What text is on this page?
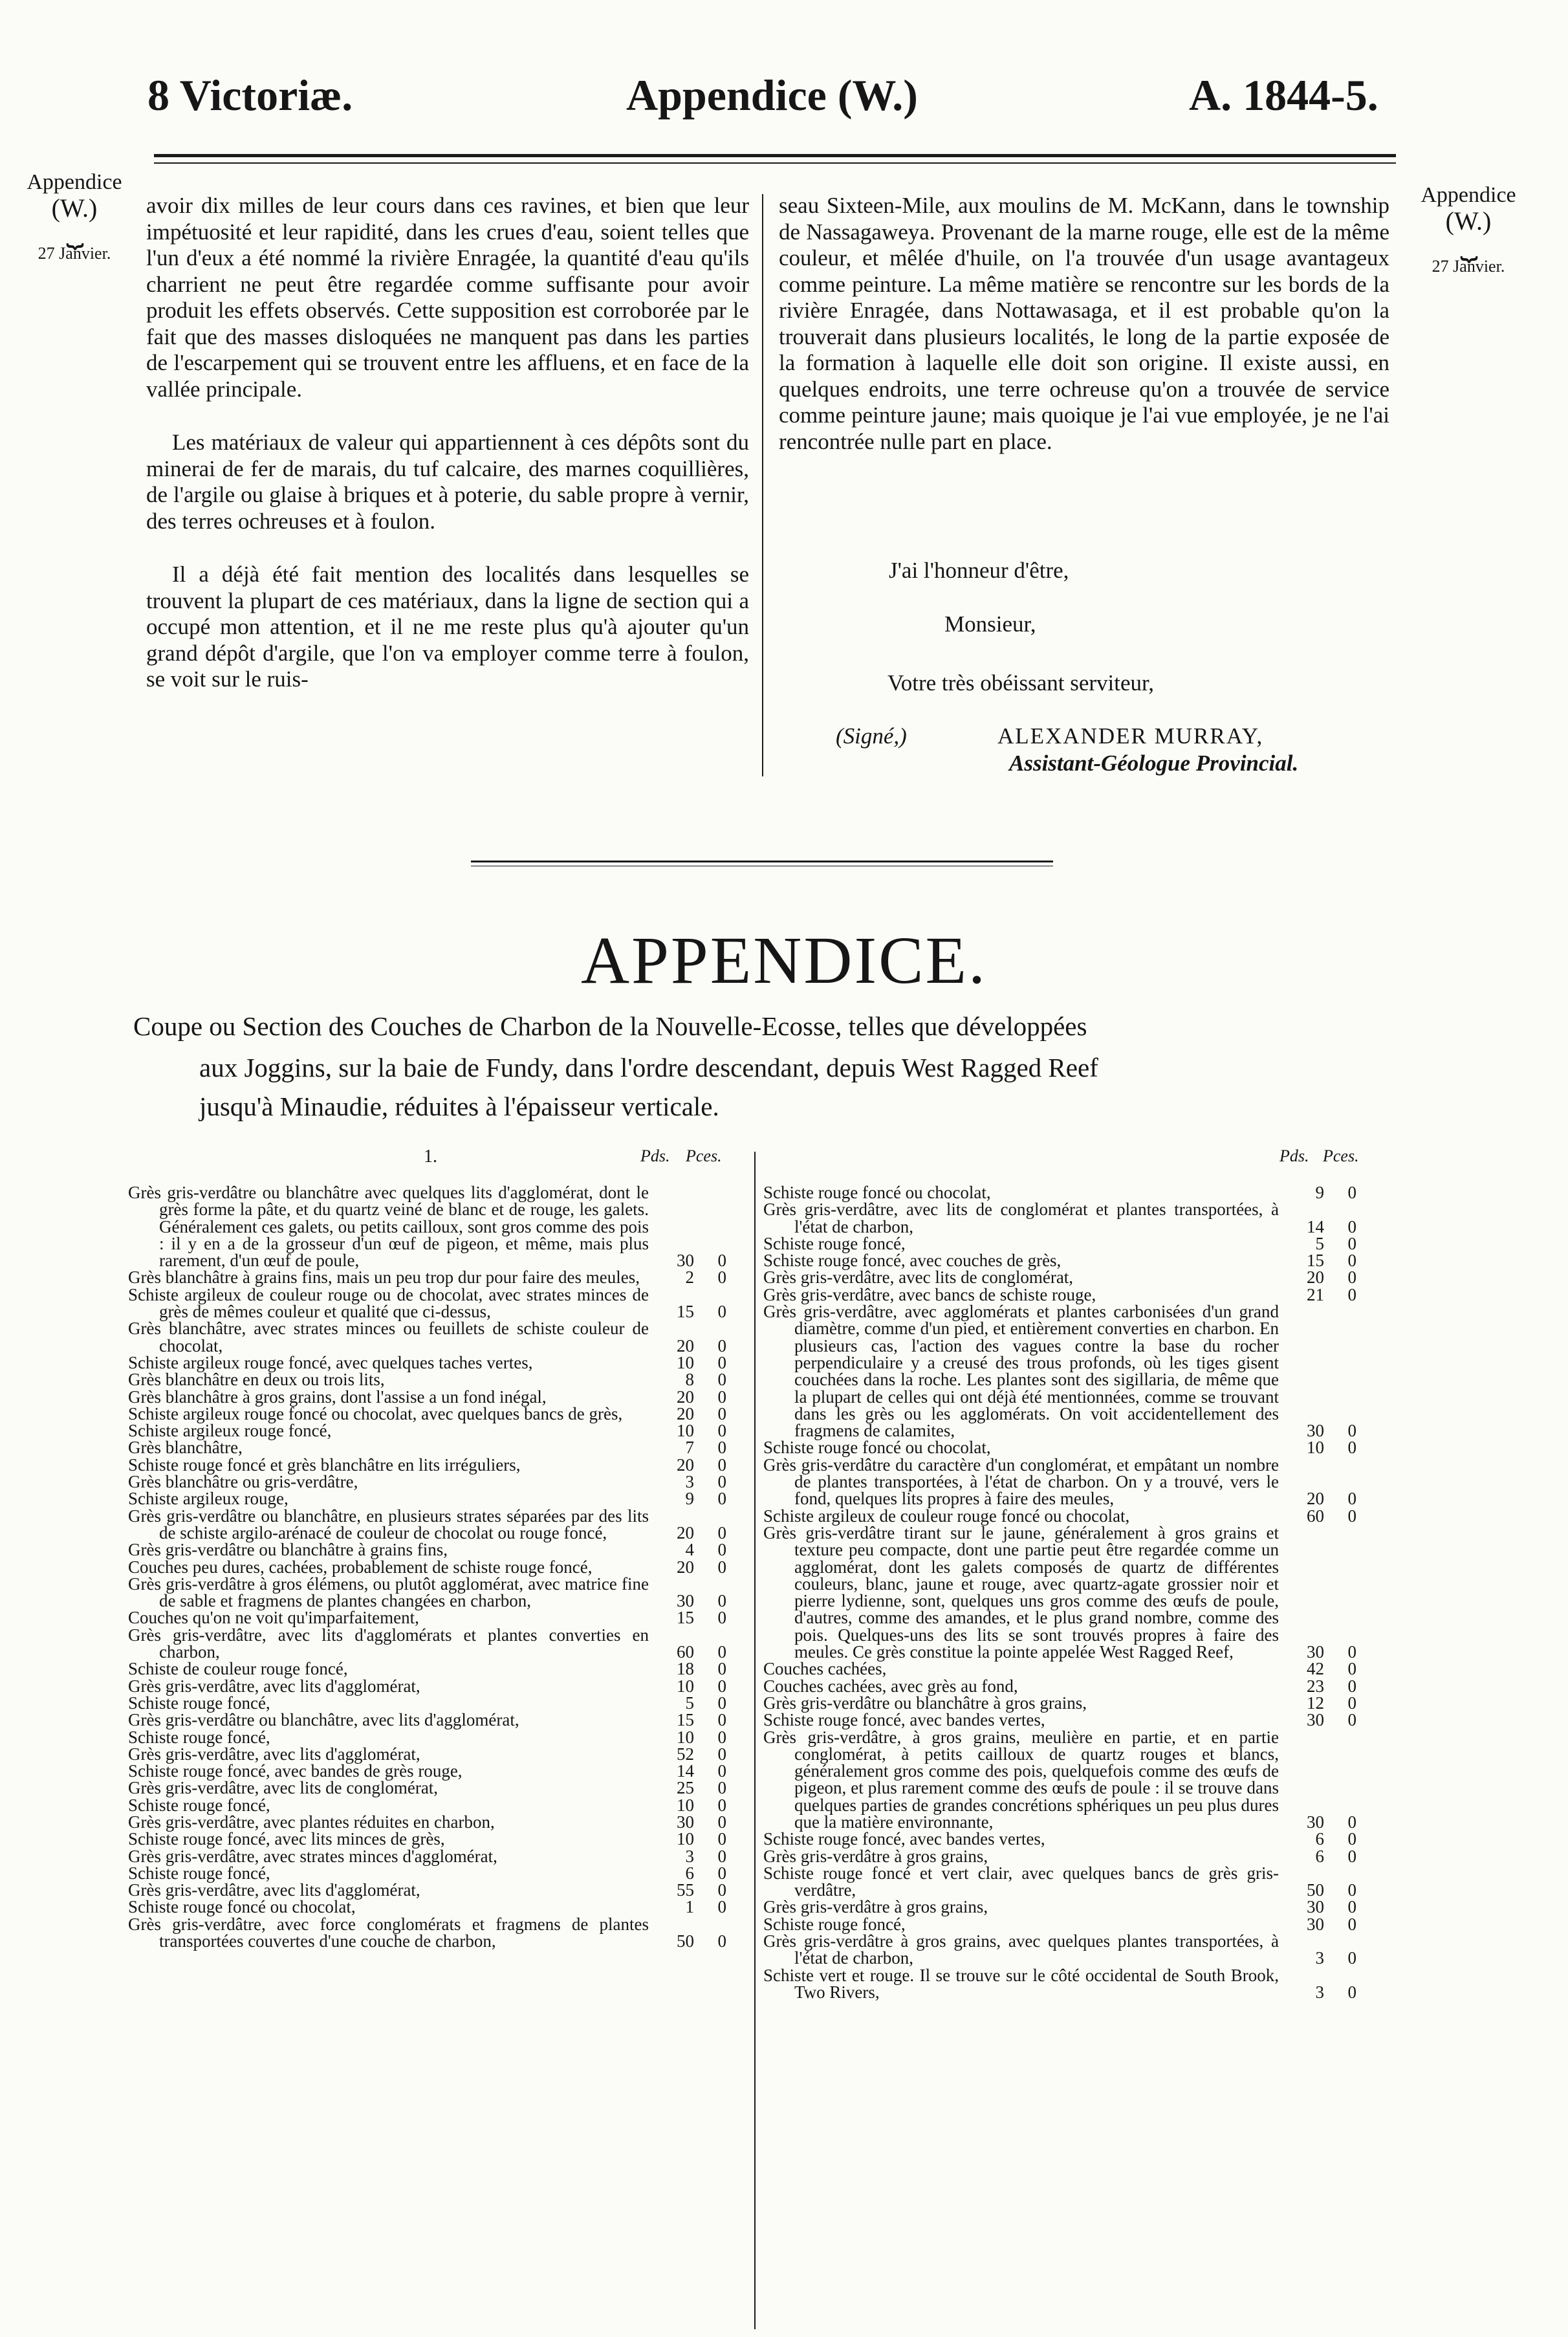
8 Victoriæ.	Appendice (W.)	A. 1844-5.
Appendice
(W.)
⏟
27 Janvier.
Appendice
(W.)
⏟
27 Janvier.

avoir dix milles de leur cours dans ces ravines, et bien que leur impétuosité et leur rapidité, dans les crues d'eau, soient telles que l'un d'eux a été nommé la rivière Enragée, la quantité d'eau qu'ils charrient ne peut être regardée comme suffisante pour avoir produit les effets observés. Cette supposition est corroborée par le fait que des masses disloquées ne manquent pas dans les parties de l'escarpement qui se trouvent entre les affluens, et en face de la vallée principale.

Les matériaux de valeur qui appartiennent à ces dépôts sont du minerai de fer de marais, du tuf calcaire, des marnes coquillières, de l'argile ou glaise à briques et à poterie, du sable propre à vernir, des terres ochreuses et à foulon.

Il a déjà été fait mention des localités dans lesquelles se trouvent la plupart de ces matériaux, dans la ligne de section qui a occupé mon attention, et il ne me reste plus qu'à ajouter qu'un grand dépôt d'argile, que l'on va employer comme terre à foulon, se voit sur le ruis-

seau Sixteen-Mile, aux moulins de M. McKann, dans le township de Nassagaweya. Provenant de la marne rouge, elle est de la même couleur, et mêlée d'huile, on l'a trouvée d'un usage avantageux comme peinture. La même matière se rencontre sur les bords de la rivière Enragée, dans Nottawasaga, et il est probable qu'on la trouverait dans plusieurs localités, le long de la partie exposée de la formation à laquelle elle doit son origine. Il existe aussi, en quelques endroits, une terre ochreuse qu'on a trouvée de service comme peinture jaune; mais quoique je l'ai vue employée, je ne l'ai rencontrée nulle part en place.

J'ai l'honneur d'être,
Monsieur,
Votre très obéissant serviteur,
(Signé,)	ALEXANDER MURRAY,
Assistant-Géologue Provincial.
APPENDICE.
Coupe ou Section des Couches de Charbon de la Nouvelle-Ecosse, telles que développées
aux Joggins, sur la baie de Fundy, dans l'ordre descendant, depuis West Ragged Reef
jusqu'à Minaudie, réduites à l'épaisseur verticale.
1.	Pds. Pces.	Pds. Pces.
Grès gris-verdâtre ou blanchâtre avec quelques lits d'agglomérat, dont le grès forme la pâte, et du quartz veiné de blanc et de rouge, les galets. Généralement ces galets, ou petits cailloux, sont gros comme des pois : il y en a de la grosseur d'un œuf de pigeon, et même, mais plus rarement, d'un œuf de poule,	30	0
Grès blanchâtre à grains fins, mais un peu trop dur pour faire des meules,	2	0
Schiste argileux de couleur rouge ou de chocolat, avec strates minces de grès de mêmes couleur et qualité que ci-dessus,	15	0
Grès blanchâtre, avec strates minces ou feuillets de schiste couleur de chocolat,	20	0
Schiste argileux rouge foncé, avec quelques taches vertes,	10	0
Grès blanchâtre en deux ou trois lits,	8	0
Grès blanchâtre à gros grains, dont l'assise a un fond inégal,	20	0
Schiste argileux rouge foncé ou chocolat, avec quelques bancs de grès,	20	0
Schiste argileux rouge foncé,	10	0
Grès blanchâtre,	7	0
Schiste rouge foncé et grès blanchâtre en lits irréguliers,	20	0
Grès blanchâtre ou gris-verdâtre,	3	0
Schiste argileux rouge,	9	0
Grès gris-verdâtre ou blanchâtre, en plusieurs strates séparées par des lits de schiste argilo-arénacé de couleur de chocolat ou rouge foncé,	20	0
Grès gris-verdâtre ou blanchâtre à grains fins,	4	0
Couches peu dures, cachées, probablement de schiste rouge foncé,	20	0
Grès gris-verdâtre à gros élémens, ou plutôt agglomérat, avec matrice fine de sable et fragmens de plantes changées en charbon,	30	0
Couches qu'on ne voit qu'imparfaitement,	15	0
Grès gris-verdâtre, avec lits d'agglomérats et plantes converties en charbon,	60	0
Schiste de couleur rouge foncé,	18	0
Grès gris-verdâtre, avec lits d'agglomérat,	10	0
Schiste rouge foncé,	5	0
Grès gris-verdâtre ou blanchâtre, avec lits d'agglomérat,	15	0
Schiste rouge foncé,	10	0
Grès gris-verdâtre, avec lits d'agglomérat,	52	0
Schiste rouge foncé, avec bandes de grès rouge,	14	0
Grès gris-verdâtre, avec lits de conglomérat,	25	0
Schiste rouge foncé,	10	0
Grès gris-verdâtre, avec plantes réduites en charbon,	30	0
Schiste rouge foncé, avec lits minces de grès,	10	0
Grès gris-verdâtre, avec strates minces d'agglomérat,	3	0
Schiste rouge foncé,	6	0
Grès gris-verdâtre, avec lits d'agglomérat,	55	0
Schiste rouge foncé ou chocolat,	1	0
Grès gris-verdâtre, avec force conglomérats et fragmens de plantes transportées couvertes d'une couche de charbon,	50	0
Schiste rouge foncé ou chocolat,	9	0
Grès gris-verdâtre, avec lits de conglomérat et plantes transportées, à l'état de charbon,	14	0
Schiste rouge foncé,	5	0
Schiste rouge foncé, avec couches de grès,	15	0
Grès gris-verdâtre, avec lits de conglomérat,	20	0
Grès gris-verdâtre, avec bancs de schiste rouge,	21	0
Grès gris-verdâtre, avec agglomérats et plantes carbonisées d'un grand diamètre, comme d'un pied, et entièrement converties en charbon. En plusieurs cas, l'action des vagues contre la base du rocher perpendiculaire y a creusé des trous profonds, où les tiges gisent couchées dans la roche. Les plantes sont des sigillaria, de même que la plupart de celles qui ont déjà été mentionnées, comme se trouvant dans les grès ou les agglomérats. On voit accidentellement des fragmens de calamites,	30	0
Schiste rouge foncé ou chocolat,	10	0
Grès gris-verdâtre du caractère d'un conglomérat, et empâtant un nombre de plantes transportées, à l'état de charbon. On y a trouvé, vers le fond, quelques lits propres à faire des meules,	20	0
Schiste argileux de couleur rouge foncé ou chocolat,	60	0
Grès gris-verdâtre tirant sur le jaune, généralement à gros grains et texture peu compacte, dont une partie peut être regardée comme un agglomérat, dont les galets composés de quartz de différentes couleurs, blanc, jaune et rouge, avec quartz-agate grossier noir et pierre lydienne, sont, quelques uns gros comme des œufs de poule, d'autres, comme des amandes, et le plus grand nombre, comme des pois. Quelques-uns des lits se sont trouvés propres à faire des meules. Ce grès constitue la pointe appelée West Ragged Reef,	30	0
Couches cachées,	42	0
Couches cachées, avec grès au fond,	23	0
Grès gris-verdâtre ou blanchâtre à gros grains,	12	0
Schiste rouge foncé, avec bandes vertes,	30	0
Grès gris-verdâtre, à gros grains, meulière en partie, et en partie conglomérat, à petits cailloux de quartz rouges et blancs, généralement gros comme des pois, quelquefois comme des œufs de pigeon, et plus rarement comme des œufs de poule : il se trouve dans quelques parties de grandes concrétions sphériques un peu plus dures que la matière environnante,	30	0
Schiste rouge foncé, avec bandes vertes,	6	0
Grès gris-verdâtre à gros grains,	6	0
Schiste rouge foncé et vert clair, avec quelques bancs de grès gris-verdâtre,	50	0
Grès gris-verdâtre à gros grains,	30	0
Schiste rouge foncé,	30	0
Grès gris-verdâtre à gros grains, avec quelques plantes transportées, à l'état de charbon,	3	0
Schiste vert et rouge. Il se trouve sur le côté occidental de South Brook, Two Rivers,	3	0
